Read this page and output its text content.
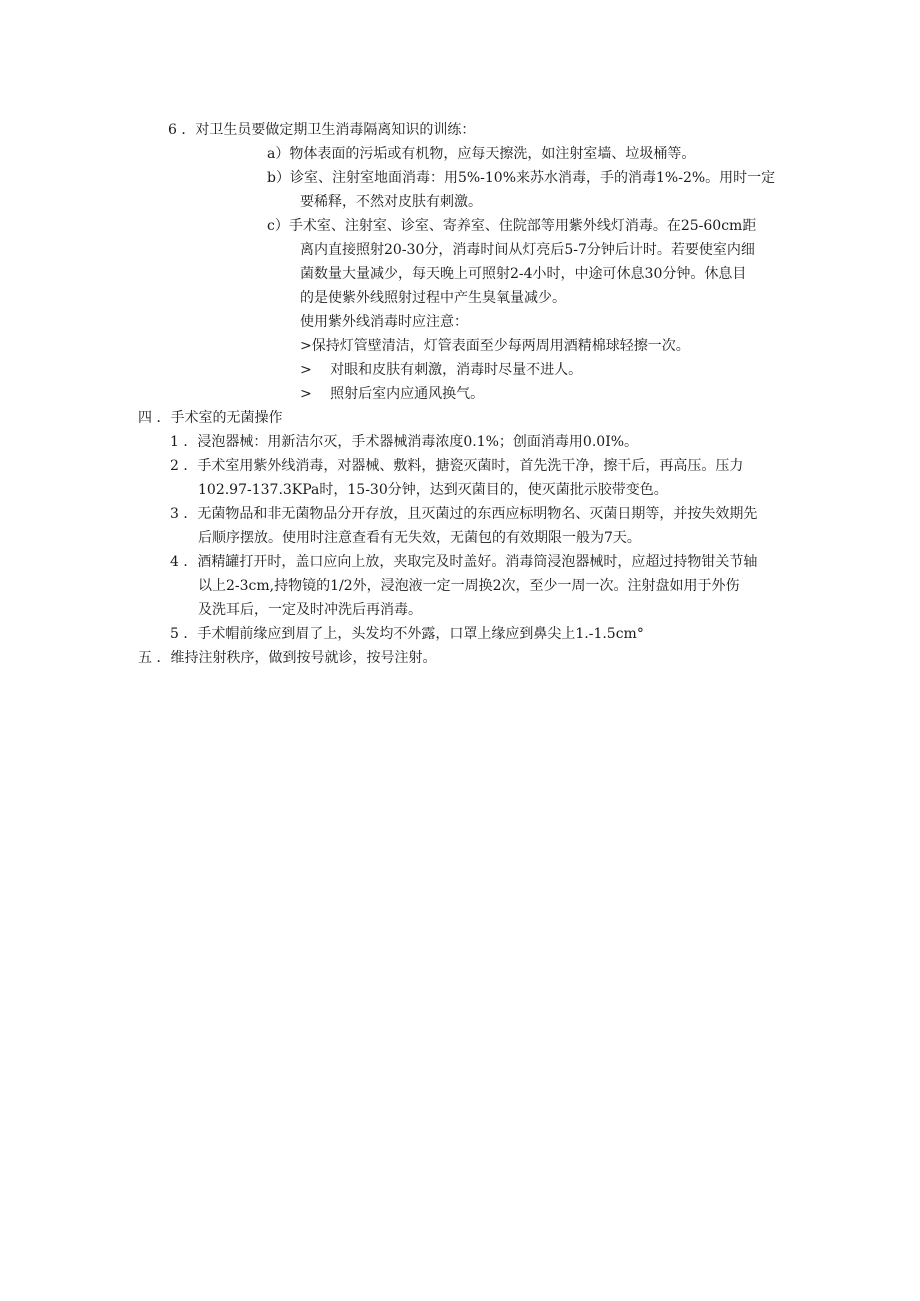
6 ．对卫生员要做定期卫生消毒隔离知识的训练：
a）物体表面的污垢或有机物，应每天擦洗，如注射室墙、垃圾桶等。
b）诊室、注射室地面消毒：用5%-10%来苏水消毒，手的消毒1%-2%。用时一定
要稀释，不然对皮肤有刺激。
c）手术室、注射室、诊室、寄养室、住院部等用紫外线灯消毒。在25-60cm距
离内直接照射20-30分，消毒时间从灯亮后5-7分钟后计时。若要使室内细
菌数量大量减少，每天晚上可照射2-4小时，中途可休息30分钟。休息目
的是使紫外线照射过程中产生臭氧量减少。
使用紫外线消毒时应注意：
>保持灯管壁清洁，灯管表面至少每两周用酒精棉球轻擦一次。
>　 对眼和皮肤有刺激，消毒时尽量不进人。
>　 照射后室内应通风换气。
四 ．手术室的无菌操作
1 ．浸泡器械：用新洁尔灭，手术器械消毒浓度0.1%；创面消毒用0.0I%。
2 ．手术室用紫外线消毒，对器械、敷料，搪瓷灭菌时，首先洗干净，擦干后，再高压。压力
102.97-137.3KPa时，15-30分钟，达到灭菌目的，使灭菌批示胶带变色。
3 ．无菌物品和非无菌物品分开存放，且灭菌过的东西应标明物名、灭菌日期等，并按失效期先
后顺序摆放。使用时注意查看有无失效，无菌包的有效期限一般为7天。
4 ．酒精罐打开时，盖口应向上放，夹取完及时盖好。消毒筒浸泡器械时，应超过持物钳关节轴
以上2-3cm,持物镜的1/2外，浸泡液一定一周换2次，至少一周一次。注射盘如用于外伤
及洗耳后，一定及时冲洗后再消毒。
5 ．手术帽前缘应到眉了上，头发均不外露，口罩上缘应到鼻尖上1.-1.5cm°
五 ．维持注射秩序，做到按号就诊，按号注射。
